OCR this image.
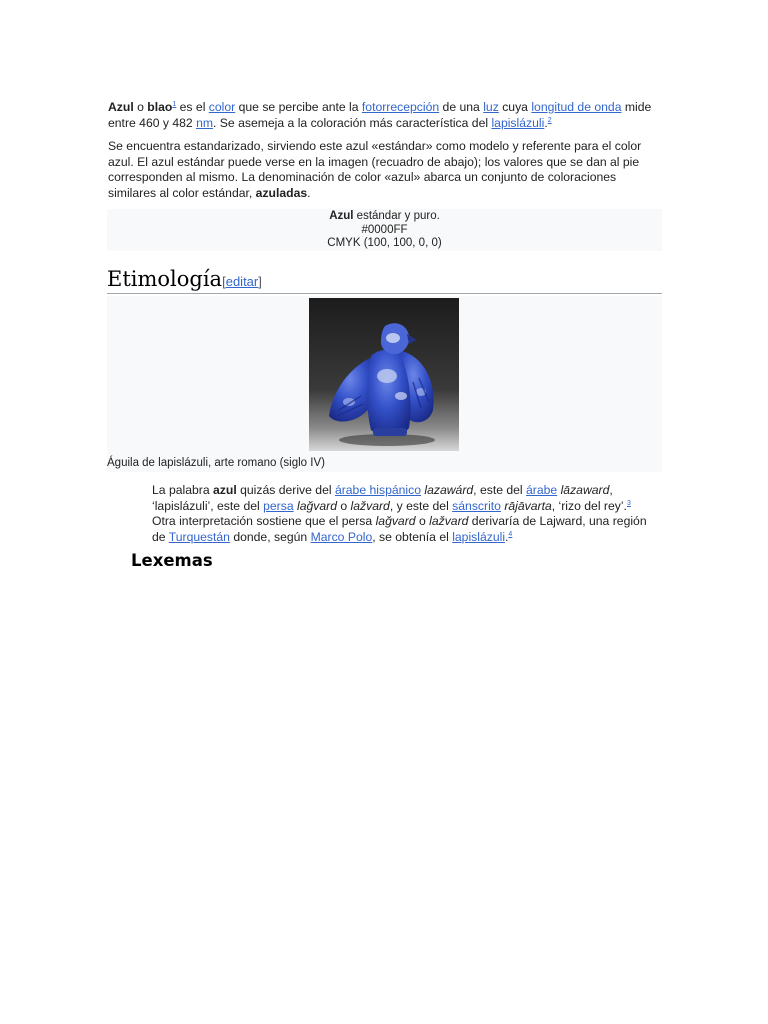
Azul o blao$^1$ es el color que se percibe ante la fotorrecepción de una luz cuya longitud de onda mide entre 460 y 482 nm. Se asemeja a la coloración más característica del lapislázuli.$^2$

Se encuentra estandarizado, sirviendo este azul «estándar» como modelo y referente para el color azul. El azul estándar puede verse en la imagen (recuadro de abajo); los valores que se dan al pie corresponden al mismo. La denominación de color «azul» abarca un conjunto de coloraciones similares al color estándar, azuladas.

Azul estándar y puro.
#0000FF
CMYK (100, 100, 0, 0)
Etimología[editar]
Águila de lapislázuli, arte romano (siglo IV)

La palabra azul quizás derive del árabe hispánico lazawárd, este del árabe lāzaward, ‘lapislázuli’, este del persa lağvard o lažvard, y este del sánscrito rājāvarta, ‘rizo del rey’.$^3$ Otra interpretación sostiene que el persa lağvard o lažvard derivaría de Lajward, una región de Turquestán donde, según Marco Polo, se obtenía el lapislázuli.$^4$

Lexemas
